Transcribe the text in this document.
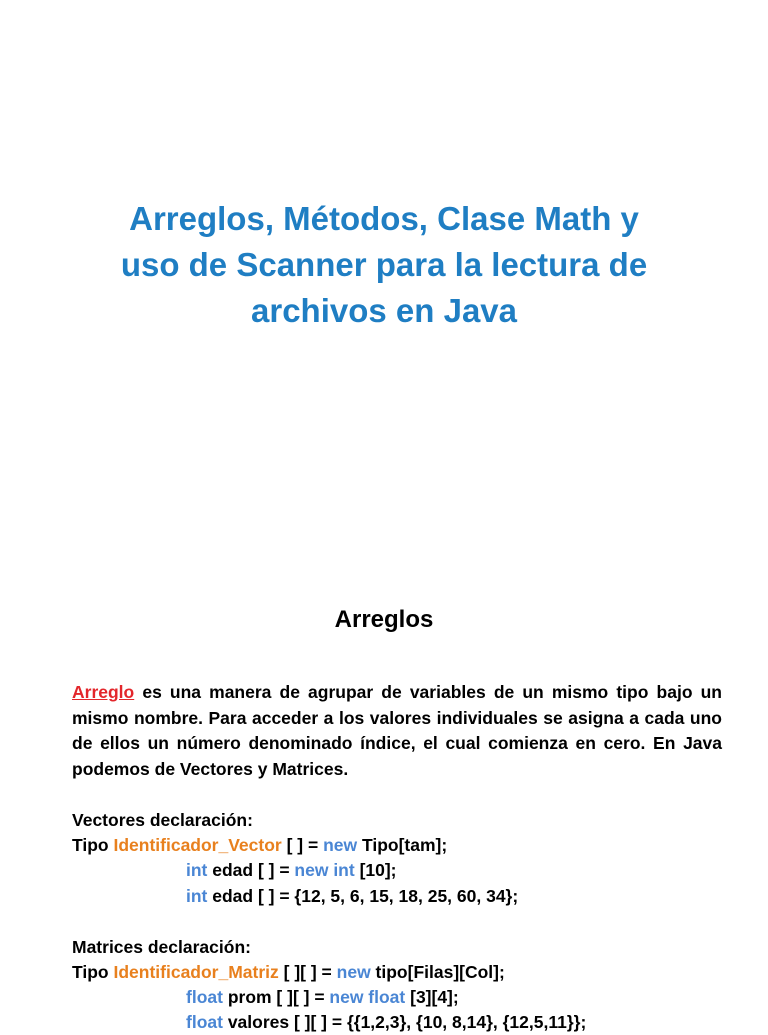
Arreglos, Métodos, Clase Math y
uso de Scanner para la lectura de
archivos en Java
Arreglos
Arreglo es una manera de agrupar de variables de un mismo tipo bajo un mismo nombre. Para acceder a los valores individuales se asigna a cada uno de ellos un número denominado índice, el cual comienza en cero. En Java podemos de Vectores y Matrices.
Vectores declaración:
Tipo Identificador_Vector [ ] = new Tipo[tam];
int edad [ ] = new int [10];
int edad [ ] = {12, 5, 6, 15, 18, 25, 60, 34};
Matrices declaración:
Tipo Identificador_Matriz [ ][ ] = new tipo[Filas][Col];
float prom [ ][ ] = new float [3][4];
float valores [ ][ ] = {{1,2,3}, {10, 8,14}, {12,5,11}};
